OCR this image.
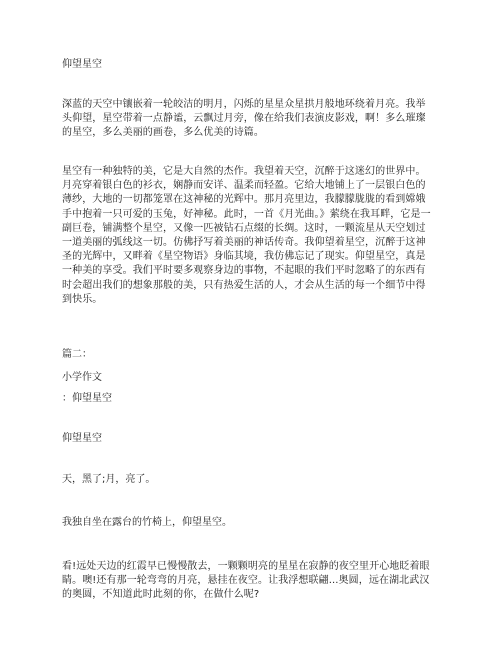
仰望星空

深蓝的天空中镶嵌着一轮皎洁的明月，闪烁的星星众星拱月般地环绕着月亮。我举头仰望，星空带着一点静谧，云飘过月旁，像在给我们表演皮影戏，啊！多么璀璨的星空，多么美丽的画卷，多么优美的诗篇。

星空有一种独特的美，它是大自然的杰作。我望着天空，沉醉于这迷幻的世界中。月亮穿着银白色的衫衣，娴静而安详、温柔而轻盈。它给大地铺上了一层银白色的薄纱，大地的一切都笼罩在这神秘的光辉中。那月亮里边，我朦朦胧胧的看到嫦娥手中抱着一只可爱的玉兔，好神秘。此时，一首《月光曲。》萦绕在我耳畔，它是一副巨卷，铺满整个星空，又像一匹被钻石点缀的长绸。这时，一颗流星从天空划过一道美丽的弧线这一切。仿佛抒写着美丽的神话传奇。我仰望着星空，沉醉于这神圣的光辉中，又畔着《星空物语》身临其境，我仿佛忘记了现实。仰望星空，真是一种美的享受。我们平时要多观察身边的事物，不起眼的我们平时忽略了的东西有时会超出我们的想象那般的美，只有热爱生活的人，才会从生活的每一个细节中得到快乐。

篇二：

小学作文

：仰望星空

仰望星空

天，黑了;月，亮了。

我独自坐在露台的竹椅上，仰望星空。

看!远处天边的红霞早已慢慢散去，一颗颗明亮的星星在寂静的夜空里开心地眨着眼睛。噢!还有那一轮弯弯的月亮，悬挂在夜空。让我浮想联翩...奥圆，远在湖北武汉的奥圆，不知道此时此刻的你，在做什么呢?
